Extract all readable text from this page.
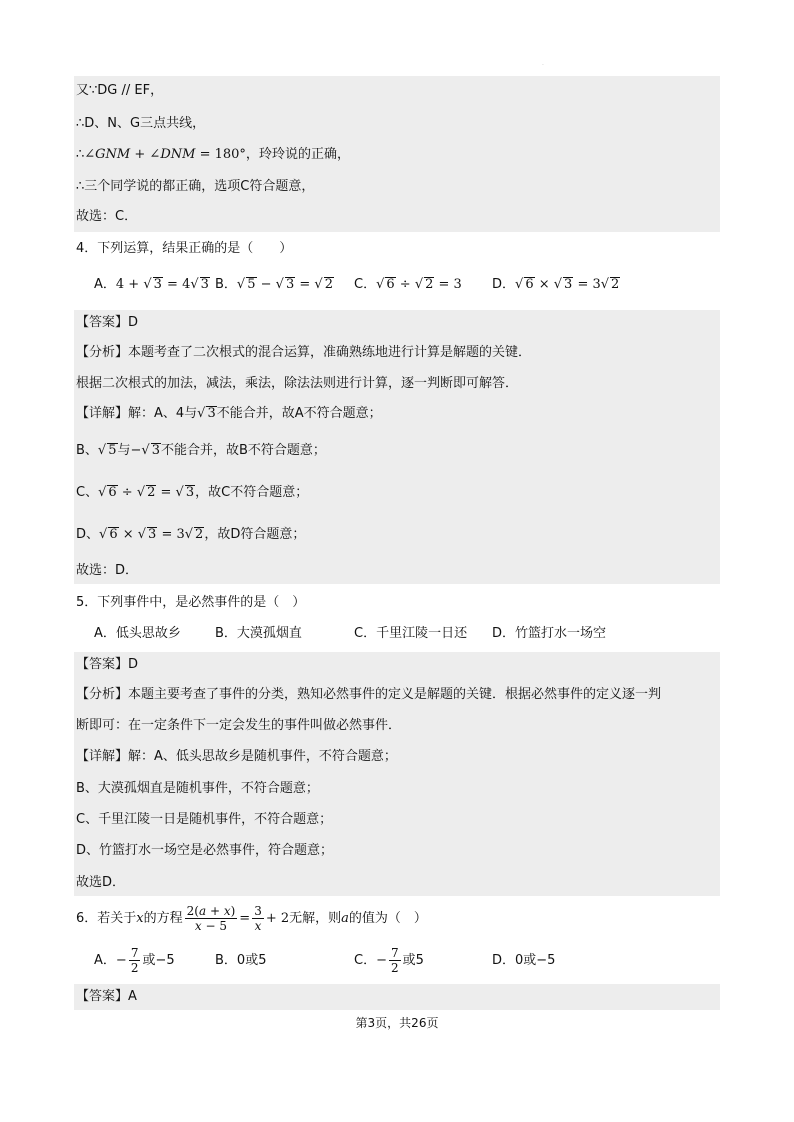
·
又∵DG // EF，
∴D、N、G三点共线，
∴∠GNM + ∠DNM = 180°，玲玲说的正确，
∴三个同学说的都正确，选项C符合题意，
故选：C．
4．下列运算，结果正确的是（　　）
A．4 + √ 3 = 4√ 3 B．√ 5 − √ 3 = √ 2 C．√ 6 ÷ √ 2 = 3 D．√ 6 × √ 3 = 3√ 2
【答案】D
【分析】本题考查了二次根式的混合运算，准确熟练地进行计算是解题的关键．
根据二次根式的加法，减法，乘法，除法法则进行计算，逐一判断即可解答．
【详解】解：A、4与√ 3不能合并，故A不符合题意；
B、√ 5与−√ 3不能合并，故B不符合题意；
C、√ 6 ÷ √ 2 = √ 3，故C不符合题意；
D、√ 6 × √ 3 = 3√ 2，故D符合题意；
故选：D．
5．下列事件中，是必然事件的是（　）
A．低头思故乡	B．大漠孤烟直	C．千里江陵一日还 D．竹篮打水一场空
【答案】D
【分析】本题主要考查了事件的分类，熟知必然事件的定义是解题的关键．根据必然事件的定义逐一判
断即可：在一定条件下一定会发生的事件叫做必然事件．
【详解】解：A、低头思故乡是随机事件，不符合题意；
B、大漠孤烟直是随机事件，不符合题意；
C、千里江陵一日是随机事件，不符合题意；
D、竹篮打水一场空是必然事件，符合题意；
故选D．
6．若关于x的方程 $\frac{2(a + x)}{x - 5} = \frac{3}{x} + 2$无解，则a的值为（　）
A．− $\frac{7}{2}$ 或−5	B．0或5	C．− $\frac{7}{2}$ 或5	D．0或−5
【答案】A
第3页，共26页
